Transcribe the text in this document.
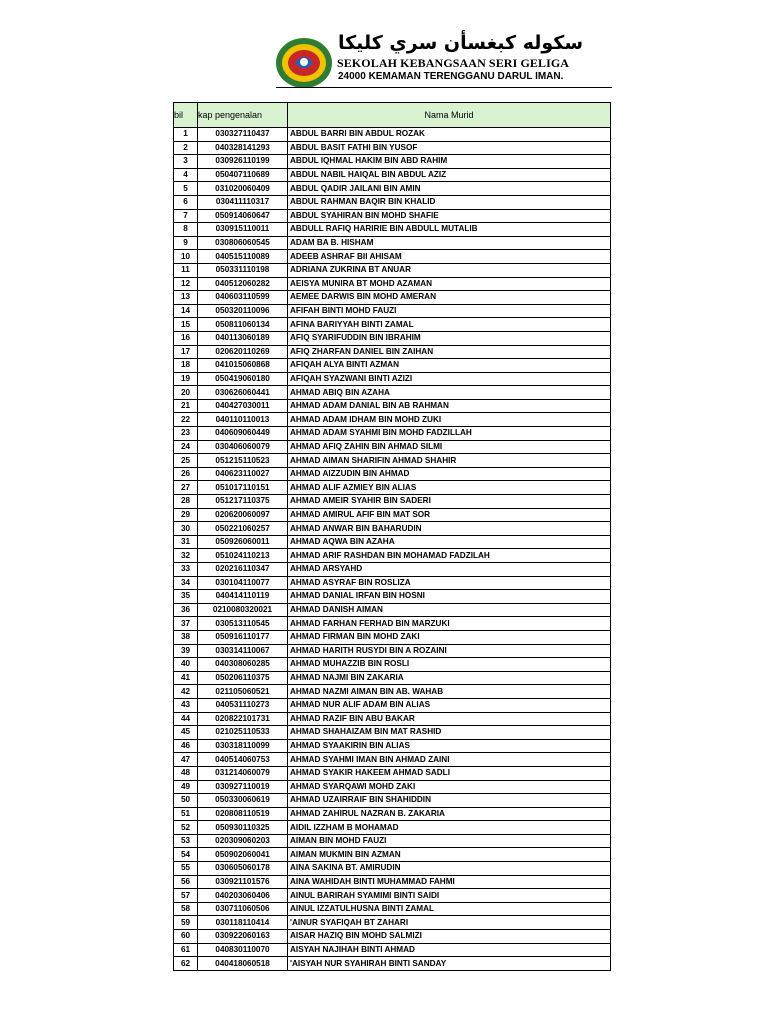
سکوله کبغسأن سري کليکا
SEKOLAH KEBANGSAAN SERI GELIGA
24000 KEMAMAN TERENGGANU DARUL IMAN.
bil	kap pengenalan	Nama Murid
1	030327110437	ABDUL BARRI BIN ABDUL ROZAK
2	040328141293	ABDUL BASIT FATHI BIN YUSOF
3	030926110199	ABDUL IQHMAL HAKIM BIN ABD RAHIM
4	050407110689	ABDUL NABIL HAIQAL BIN ABDUL AZIZ
5	031020060409	ABDUL QADIR JAILANI BIN AMIN
6	030411110317	ABDUL RAHMAN BAQIR BIN KHALID
7	050914060647	ABDUL SYAHIRAN BIN MOHD SHAFIE
8	030915110011	ABDULL RAFIQ HARIRIE BIN ABDULL MUTALIB
9	030806060545	ADAM BA B. HISHAM
10	040515110089	ADEEB ASHRAF BII AHISAM
11	050331110198	ADRIANA ZUKRINA BT ANUAR
12	040512060282	AEISYA MUNIRA BT MOHD AZAMAN
13	040603110599	AEMEE DARWIS BIN MOHD AMERAN
14	050320110096	AFIFAH BINTI MOHD FAUZI
15	050811060134	AFINA BARIYYAH BINTI ZAMAL
16	040113060189	AFIQ SYARIFUDDIN BIN IBRAHIM
17	020620110269	AFIQ ZHARFAN DANIEL BIN ZAIHAN
18	041015060868	AFIQAH ALYA BINTI AZMAN
19	050419060180	AFIQAH SYAZWANI BINTI AZIZI
20	030626060441	AHMAD ABIQ BIN AZAHA
21	040427030011	AHMAD ADAM DANIAL BIN AB RAHMAN
22	040110110013	AHMAD ADAM IDHAM BIN MOHD ZUKI
23	040609060449	AHMAD ADAM SYAHMI BIN MOHD FADZILLAH
24	030406060079	AHMAD AFIQ ZAHIN BIN AHMAD SILMI
25	051215110523	AHMAD AIMAN SHARIFIN AHMAD SHAHIR
26	040623110027	AHMAD AIZZUDIN BIN AHMAD
27	051017110151	AHMAD ALIF AZMIEY BIN ALIAS
28	051217110375	AHMAD AMEIR SYAHIR BIN SADERI
29	020620060097	AHMAD AMIRUL AFIF BIN MAT SOR
30	050221060257	AHMAD ANWAR BIN BAHARUDIN
31	050926060011	AHMAD AQWA BIN AZAHA
32	051024110213	AHMAD ARIF RASHDAN BIN MOHAMAD FADZILAH
33	020216110347	AHMAD ARSYAHD
34	030104110077	AHMAD ASYRAF BIN ROSLIZA
35	040414110119	AHMAD DANIAL IRFAN BIN HOSNI
36	0210080320021	AHMAD DANISH AIMAN
37	030513110545	AHMAD FARHAN FERHAD BIN MARZUKI
38	050916110177	AHMAD FIRMAN BIN MOHD ZAKI
39	030314110067	AHMAD HARITH RUSYDI BIN A ROZAINI
40	040308060285	AHMAD MUHAZZIB BIN ROSLI
41	050206110375	AHMAD NAJMI BIN ZAKARIA
42	021105060521	AHMAD NAZMI AIMAN BIN AB. WAHAB
43	040531110273	AHMAD NUR ALIF ADAM BIN ALIAS
44	020822101731	AHMAD RAZIF BIN ABU BAKAR
45	021025110533	AHMAD SHAHAIZAM BIN MAT RASHID
46	030318110099	AHMAD SYAAKIRIN BIN ALIAS
47	040514060753	AHMAD SYAHMI IMAN BIN AHMAD ZAINI
48	031214060079	AHMAD SYAKIR HAKEEM AHMAD SADLI
49	030927110019	AHMAD SYARQAWI MOHD ZAKI
50	050330060619	AHMAD UZAIRRAIF BIN SHAHIDDIN
51	020808110519	AHMAD ZAHIRUL NAZRAN B. ZAKARIA
52	050930110325	AIDIL IZZHAM B MOHAMAD
53	020309060203	AIMAN BIN MOHD FAUZI
54	050902060041	AIMAN MUKMIN BIN AZMAN
55	030605060178	AINA SAKINA BT. AMIRUDIN
56	030921101576	AINA WAHIDAH BINTI MUHAMMAD FAHMI
57	040203060406	AINUL BARIRAH SYAMIMI BINTI SAIDI
58	030711060506	AINUL IZZATULHUSNA BINTI ZAMAL
59	030118110414	'AINUR SYAFIQAH BT ZAHARI
60	030922060163	AISAR HAZIQ BIN MOHD SALMIZI
61	040830110070	AISYAH NAJIHAH BINTI AHMAD
62	040418060518	'AISYAH NUR SYAHIRAH BINTI SANDAY
